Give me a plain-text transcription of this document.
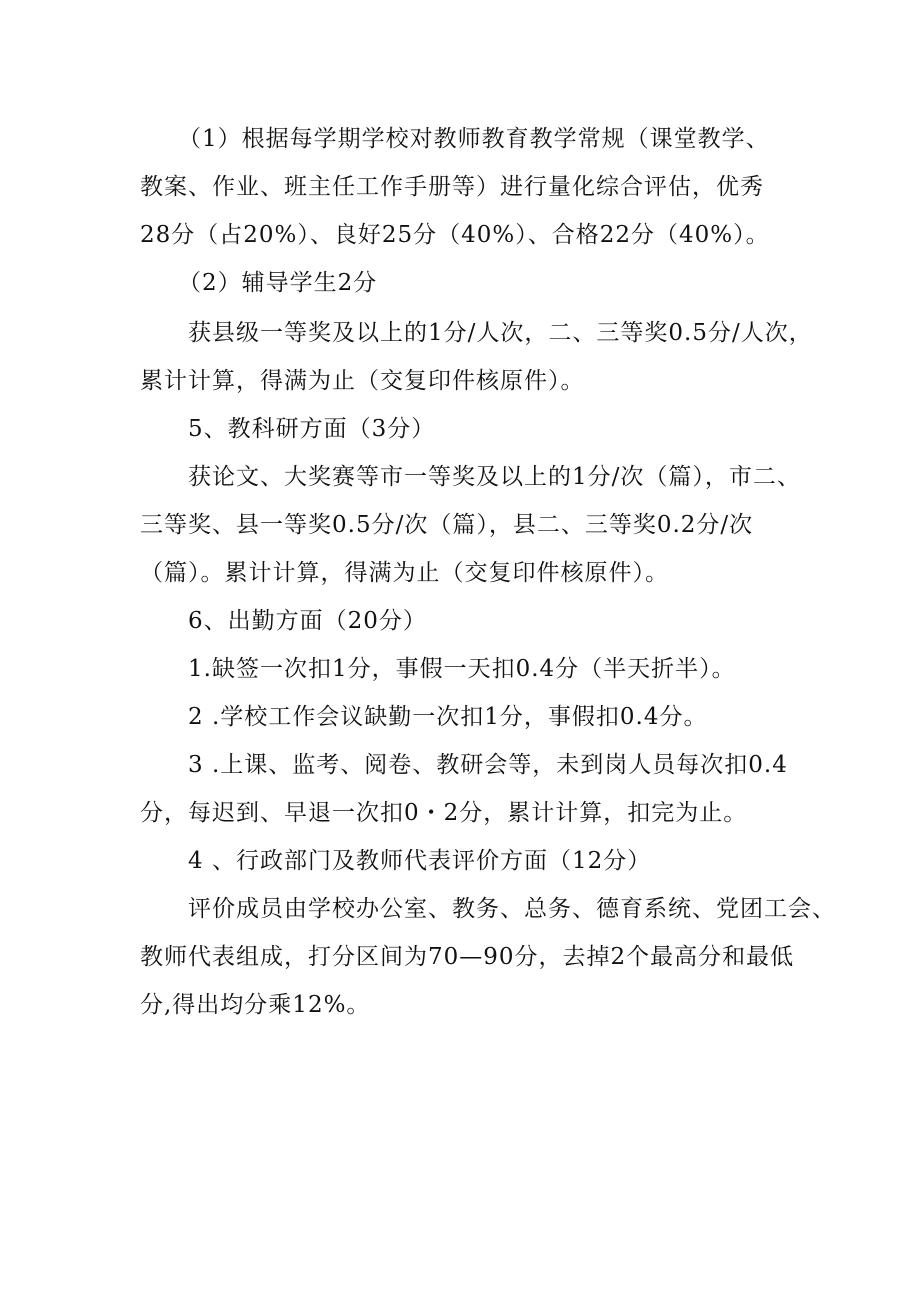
（1）根据每学期学校对教师教育教学常规（课堂教学、
教案、作业、班主任工作手册等）进行量化综合评估，优秀
28分（占20%）、良好25分（40%）、合格22分（40%）。
（2）辅导学生2分
获县级一等奖及以上的1分/人次，二、三等奖0.5分/人次，
累计计算，得满为止（交复印件核原件）。
5、教科研方面（3分）
获论文、大奖赛等市一等奖及以上的1分/次（篇），市二、
三等奖、县一等奖0.5分/次（篇），县二、三等奖0.2分/次
（篇）。累计计算，得满为止（交复印件核原件）。
6、出勤方面（20分）
1.缺签一次扣1分，事假一天扣0.4分（半天折半）。
2 .学校工作会议缺勤一次扣1分，事假扣0.4分。
3 .上课、监考、阅卷、教研会等，未到岗人员每次扣0.4
分，每迟到、早退一次扣0・2分，累计计算，扣完为止。
4 、行政部门及教师代表评价方面（12分）
评价成员由学校办公室、教务、总务、德育系统、党团工会、
教师代表组成，打分区间为70—90分，去掉2个最高分和最低
分,得出均分乘12%。
